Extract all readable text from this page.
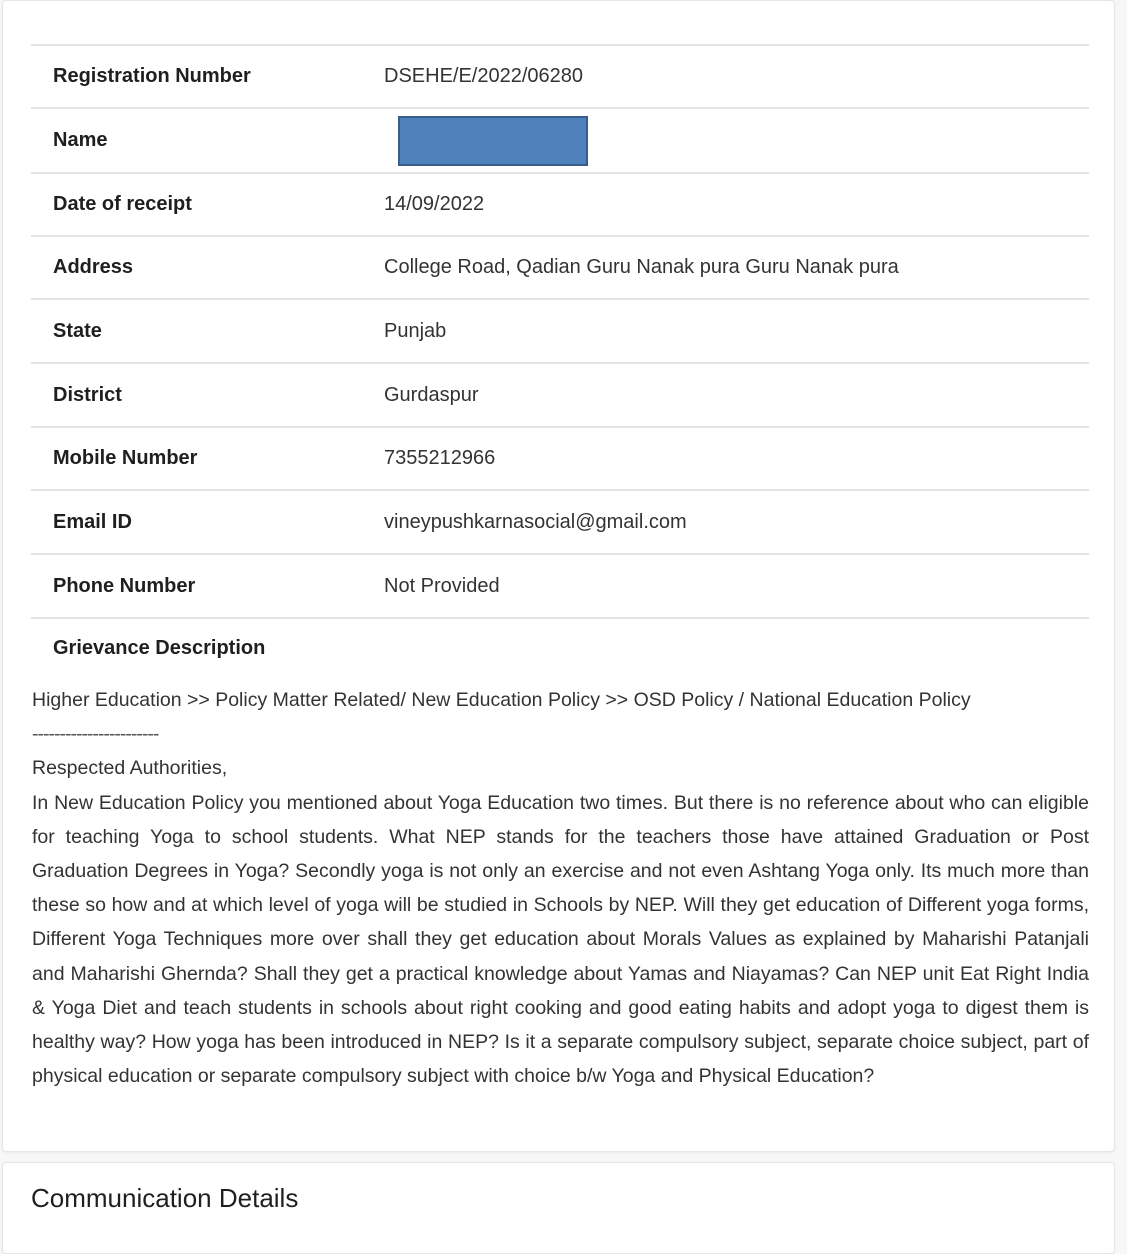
Registration Number	DSEHE/E/2022/06280
Name	
Date of receipt	14/09/2022
Address	College Road, Qadian Guru Nanak pura Guru Nanak pura
State	Punjab
District	Gurdaspur
Mobile Number	7355212966
Email ID	vineypushkarnasocial@gmail.com
Phone Number	Not Provided
Grievance Description
Higher Education >> Policy Matter Related/ New Education Policy >> OSD Policy / National Education Policy
-----------------------
Respected Authorities,
In New Education Policy you mentioned about Yoga Education two times. But there is no reference about who can eligible for teaching Yoga to school students. What NEP stands for the teachers those have attained Graduation or Post Graduation Degrees in Yoga? Secondly yoga is not only an exercise and not even Ashtang Yoga only. Its much more than these so how and at which level of yoga will be studied in Schools by NEP. Will they get education of Different yoga forms, Different Yoga Techniques more over shall they get education about Morals Values as explained by Maharishi Patanjali and Maharishi Ghernda? Shall they get a practical knowledge about Yamas and Niayamas? Can NEP unit Eat Right India & Yoga Diet and teach students in schools about right cooking and good eating habits and adopt yoga to digest them is healthy way? How yoga has been introduced in NEP? Is it a separate compulsory subject, separate choice subject, part of physical education or separate compulsory subject with choice b/w Yoga and Physical Education?
Communication Details
